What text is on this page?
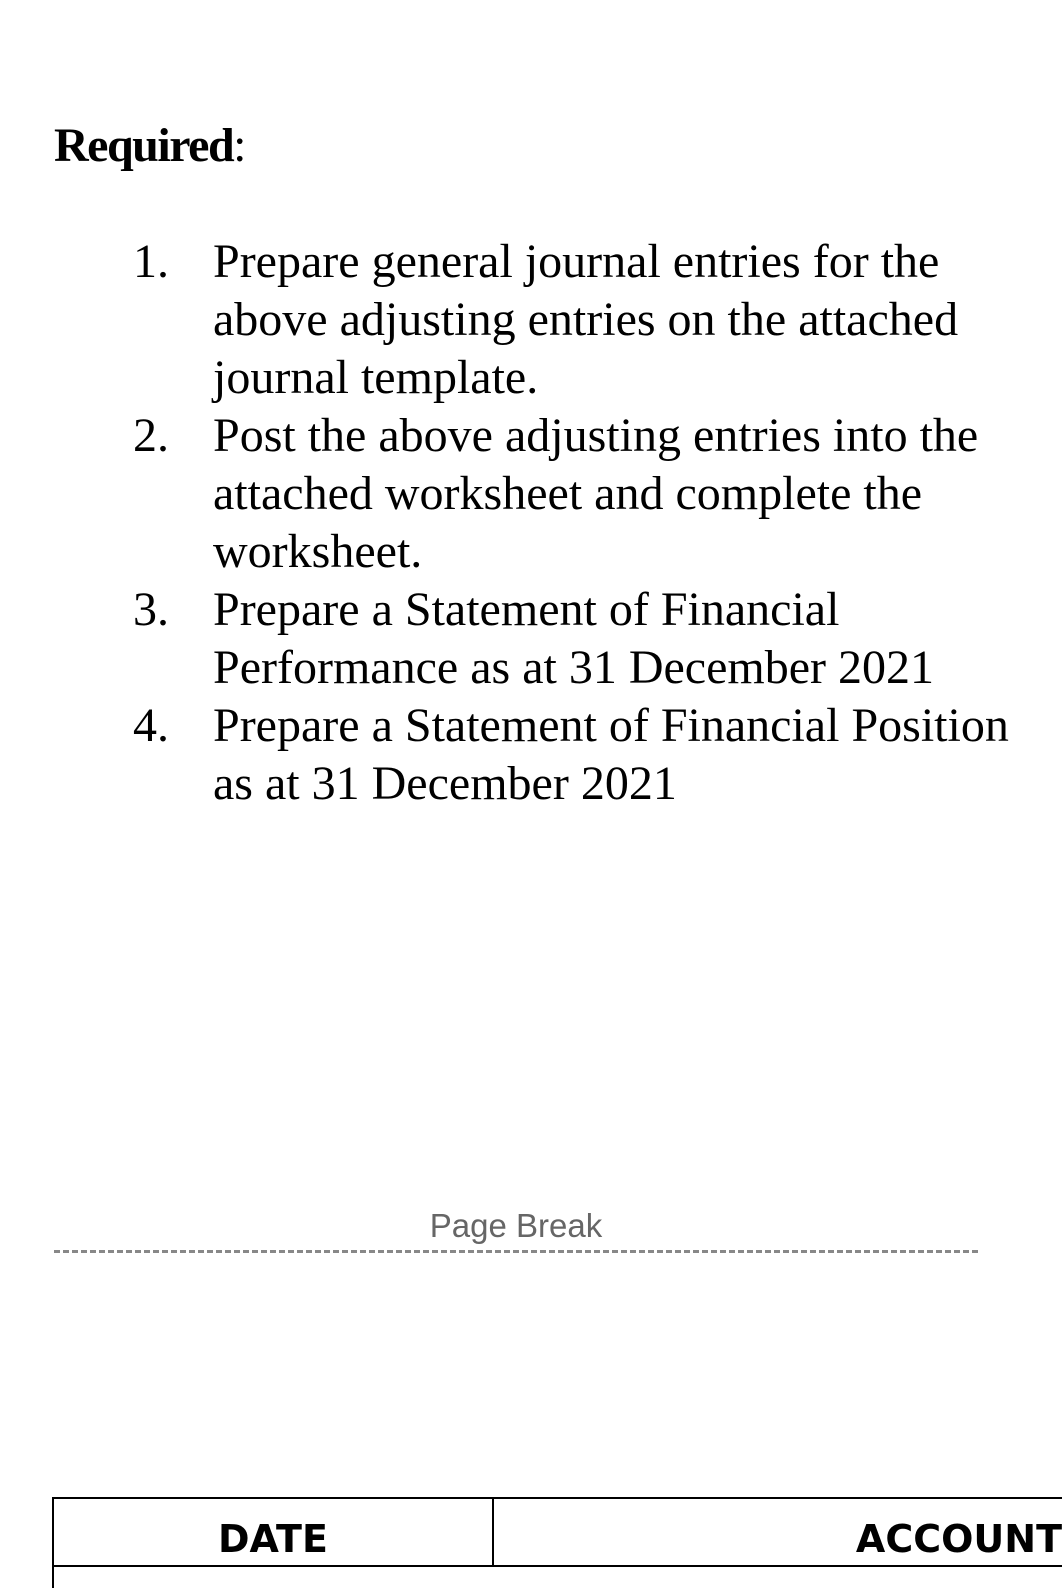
Required:
1. Prepare general journal entries for the above adjusting entries on the attached journal template.
2. Post the above adjusting entries into the attached worksheet and complete the worksheet.
3. Prepare a Statement of Financial Performance as at 31 December 2021
4. Prepare a Statement of Financial Position as at 31 December 2021
Page Break
DATE	ACCOUNT
